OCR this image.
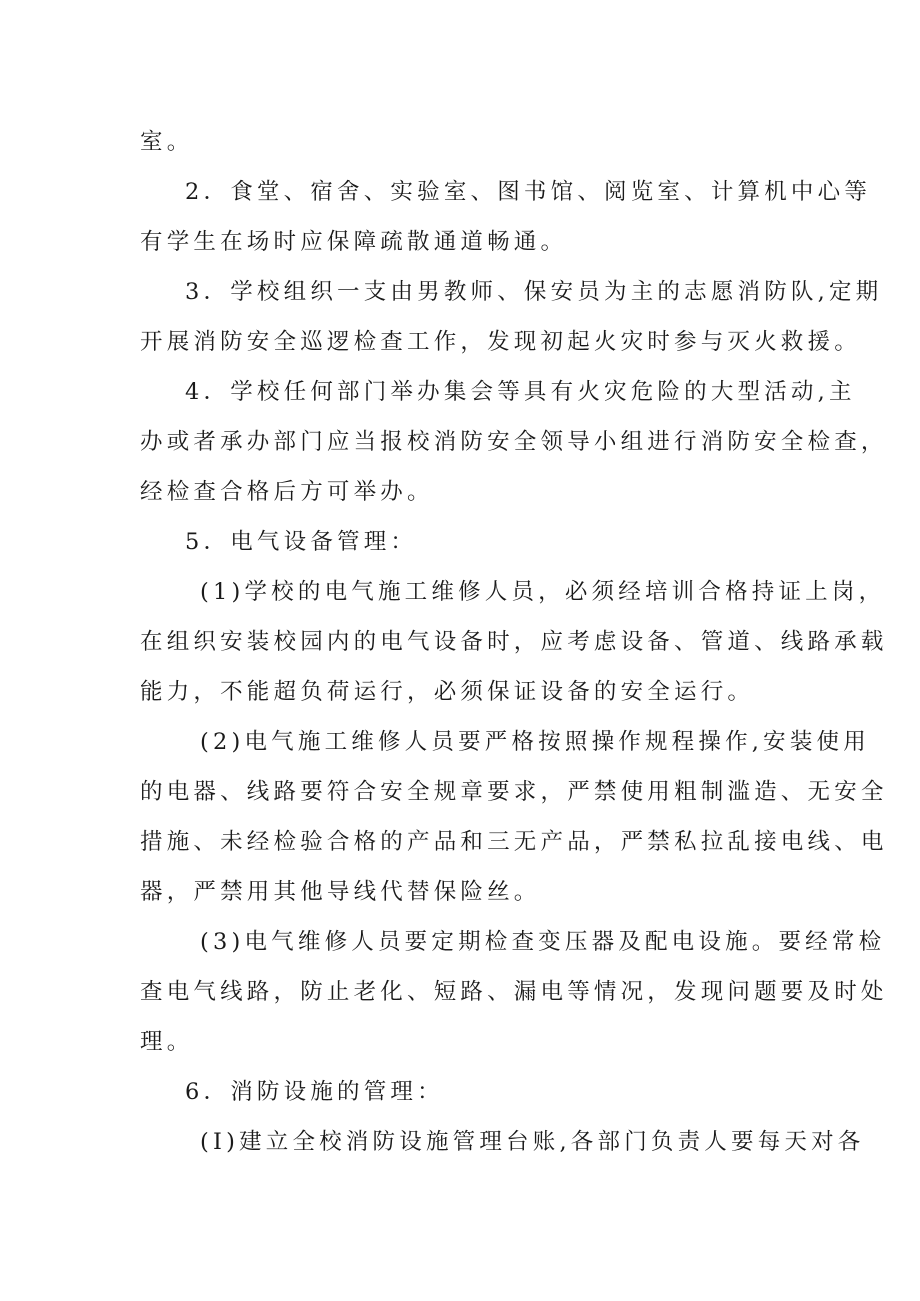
室。
2．食堂、宿舍、实验室、图书馆、阅览室、计算机中心等
有学生在场时应保障疏散通道畅通。
3．学校组织一支由男教师、保安员为主的志愿消防队,定期
开展消防安全巡逻检查工作，发现初起火灾时参与灭火救援。
4．学校任何部门举办集会等具有火灾危险的大型活动,主
办或者承办部门应当报校消防安全领导小组进行消防安全检查，
经检查合格后方可举办。
5．电气设备管理：
(1)学校的电气施工维修人员，必须经培训合格持证上岗，
在组织安装校园内的电气设备时，应考虑设备、管道、线路承载
能力，不能超负荷运行，必须保证设备的安全运行。
(2)电气施工维修人员要严格按照操作规程操作,安装使用
的电器、线路要符合安全规章要求，严禁使用粗制滥造、无安全
措施、未经检验合格的产品和三无产品，严禁私拉乱接电线、电
器，严禁用其他导线代替保险丝。
(3)电气维修人员要定期检查变压器及配电设施。要经常检
查电气线路，防止老化、短路、漏电等情况，发现问题要及时处
理。
6．消防设施的管理：
(I)建立全校消防设施管理台账,各部门负责人要每天对各
